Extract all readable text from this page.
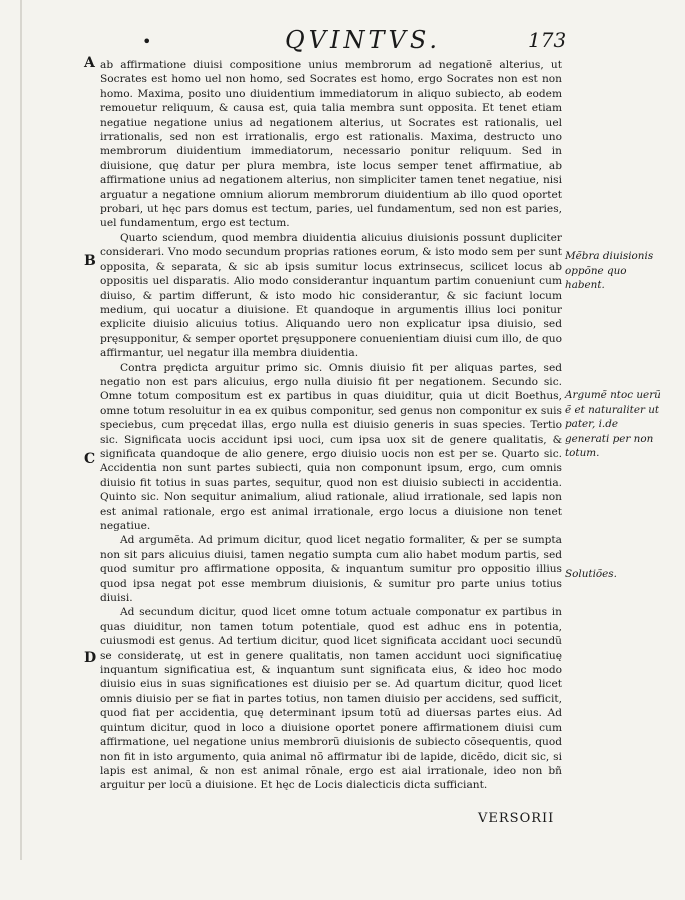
•	QVINTVS.	173
A
B
C
D

ab affirmatione diuisi compositione unius membrorum ad negationẽ alterius, ut Socrates est homo uel non homo, sed Socrates est homo, ergo Socrates non est non homo. Maxima, posito uno diuidentium immediatorum in aliquo subiecto, ab eodem remouetur reliquum, & causa est, quia talia membra sunt opposita. Et tenet etiam negatiue negatione unius ad negationem alterius, ut Socrates est rationalis, uel irrationalis, sed non est irrationalis, ergo est rationalis. Maxima, destructo uno membrorum diuidentium immediatorum, necessario ponitur reliquum. Sed in diuisione, quę datur per plura membra, iste locus semper tenet affirmatiue, ab affirmatione unius ad negationem alterius, non simpliciter tamen tenet negatiue, nisi arguatur a negatione omnium aliorum membrorum diuidentium ab illo quod oportet probari, ut hęc pars domus est tectum, paries, uel fundamentum, sed non est paries, uel fundamentum, ergo est tectum.

Quarto sciendum, quod membra diuidentia alicuius diuisionis possunt dupliciter considerari. Vno modo secundum proprias rationes eorum, & isto modo sem per sunt opposita, & separata, & sic ab ipsis sumitur locus extrinsecus, scilicet locus ab oppositis uel disparatis. Alio modo considerantur inquantum partim conueniunt cum diuiso, & partim differunt, & isto modo hic considerantur, & sic faciunt locum medium, qui uocatur a diuisione. Et quandoque in argumentis illius loci ponitur explicite diuisio alicuius totius. Aliquando uero non explicatur ipsa diuisio, sed pręsupponitur, & semper oportet pręsupponere conuenientiam diuisi cum illo, de quo affirmantur, uel negatur illa membra diuidentia.

Contra prędicta arguitur primo sic. Omnis diuisio fit per aliquas partes, sed negatio non est pars alicuius, ergo nulla diuisio fit per negationem. Secundo sic. Omne totum compositum est ex partibus in quas diuiditur, quia ut dicit Boethus, omne totum resoluitur in ea ex quibus componitur, sed genus non componitur ex suis speciebus, cum pręcedat illas, ergo nulla est diuisio generis in suas species. Tertio sic. Significata uocis accidunt ipsi uoci, cum ipsa uox sit de genere qualitatis, & significata quandoque de alio genere, ergo diuisio uocis non est per se. Quarto sic. Accidentia non sunt partes subiecti, quia non componunt ipsum, ergo, cum omnis diuisio fit totius in suas partes, sequitur, quod non est diuisio subiecti in accidentia. Quinto sic. Non sequitur animalium, aliud rationale, aliud irrationale, sed lapis non est animal rationale, ergo est animal irrationale, ergo locus a diuisione non tenet negatiue.

Ad argumẽta. Ad primum dicitur, quod licet negatio formaliter, & per se sumpta non sit pars alicuius diuisi, tamen negatio sumpta cum alio habet modum partis, sed quod sumitur pro affirmatione opposita, & inquantum sumitur pro oppositio illius quod ipsa negat pot esse membrum diuisionis, & sumitur pro parte unius totius diuisi.

Ad secundum dicitur, quod licet omne totum actuale componatur ex partibus in quas diuiditur, non tamen totum potentiale, quod est adhuc ens in potentia, cuiusmodi est genus. Ad tertium dicitur, quod licet significata accidant uoci secundũ se consideratę, ut est in genere qualitatis, non tamen accidunt uoci significatiuę inquantum significatiua est, & inquantum sunt significata eius, & ideo hoc modo diuisio eius in suas significationes est diuisio per se. Ad quartum dicitur, quod licet omnis diuisio per se fiat in partes totius, non tamen diuisio per accidens, sed sufficit, quod fiat per accidentia, quę determinant ipsum totũ ad diuersas partes eius. Ad quintum dicitur, quod in loco a diuisione oportet ponere affirmationem diuisi cum affirmatione, uel negatione unius membrorũ diuisionis de subiecto cõsequentis, quod non fit in isto argumento, quia animal nõ affirmatur ibi de lapide, dicẽdo, dicit sic, si lapis est animal, & non est animal rõnale, ergo est aial irrationale, ideo non bñ arguitur per locũ a diuisione. Et hęc de Locis dialecticis dicta sufficiant.

Mẽbra diuisionis oppõne quo habent.
Argumẽ ntoc uerũ ẽ et naturaliter ut pater, i.de generati per non totum.
Solutiões.
VERSORII
